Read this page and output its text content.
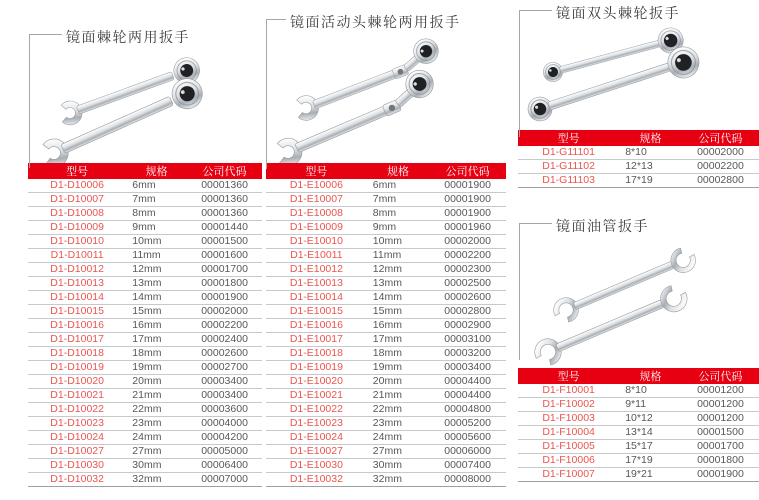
镜面棘轮两用扳手
型号	规格	公司代码
D1-D10006	6mm	00001360
D1-D10007	7mm	00001360
D1-D10008	8mm	00001360
D1-D10009	9mm	00001440
D1-D10010	10mm	00001500
D1-D10011	11mm	00001600
D1-D10012	12mm	00001700
D1-D10013	13mm	00001800
D1-D10014	14mm	00001900
D1-D10015	15mm	00002000
D1-D10016	16mm	00002200
D1-D10017	17mm	00002400
D1-D10018	18mm	00002600
D1-D10019	19mm	00002700
D1-D10020	20mm	00003400
D1-D10021	21mm	00003400
D1-D10022	22mm	00003600
D1-D10023	23mm	00004000
D1-D10024	24mm	00004200
D1-D10027	27mm	00005000
D1-D10030	30mm	00006400
D1-D10032	32mm	00007000
镜面活动头棘轮两用扳手
型号	规格	公司代码
D1-E10006	6mm	00001900
D1-E10007	7mm	00001900
D1-E10008	8mm	00001900
D1-E10009	9mm	00001960
D1-E10010	10mm	00002000
D1-E10011	11mm	00002200
D1-E10012	12mm	00002300
D1-E10013	13mm	00002500
D1-E10014	14mm	00002600
D1-E10015	15mm	00002800
D1-E10016	16mm	00002900
D1-E10017	17mm	00003100
D1-E10018	18mm	00003200
D1-E10019	19mm	00003400
D1-E10020	20mm	00004400
D1-E10021	21mm	00004400
D1-E10022	22mm	00004800
D1-E10023	23mm	00005200
D1-E10024	24mm	00005600
D1-E10027	27mm	00006000
D1-E10030	30mm	00007400
D1-E10032	32mm	00008000
镜面双头棘轮扳手
型号	规格	公司代码
D1-G11101	8*10	00002000
D1-G11102	12*13	00002200
D1-G11103	17*19	00002800
镜面油管扳手
型号	规格	公司代码
D1-F10001	8*10	00001200
D1-F10002	9*11	00001200
D1-F10003	10*12	00001200
D1-F10004	13*14	00001500
D1-F10005	15*17	00001700
D1-F10006	17*19	00001800
D1-F10007	19*21	00001900
